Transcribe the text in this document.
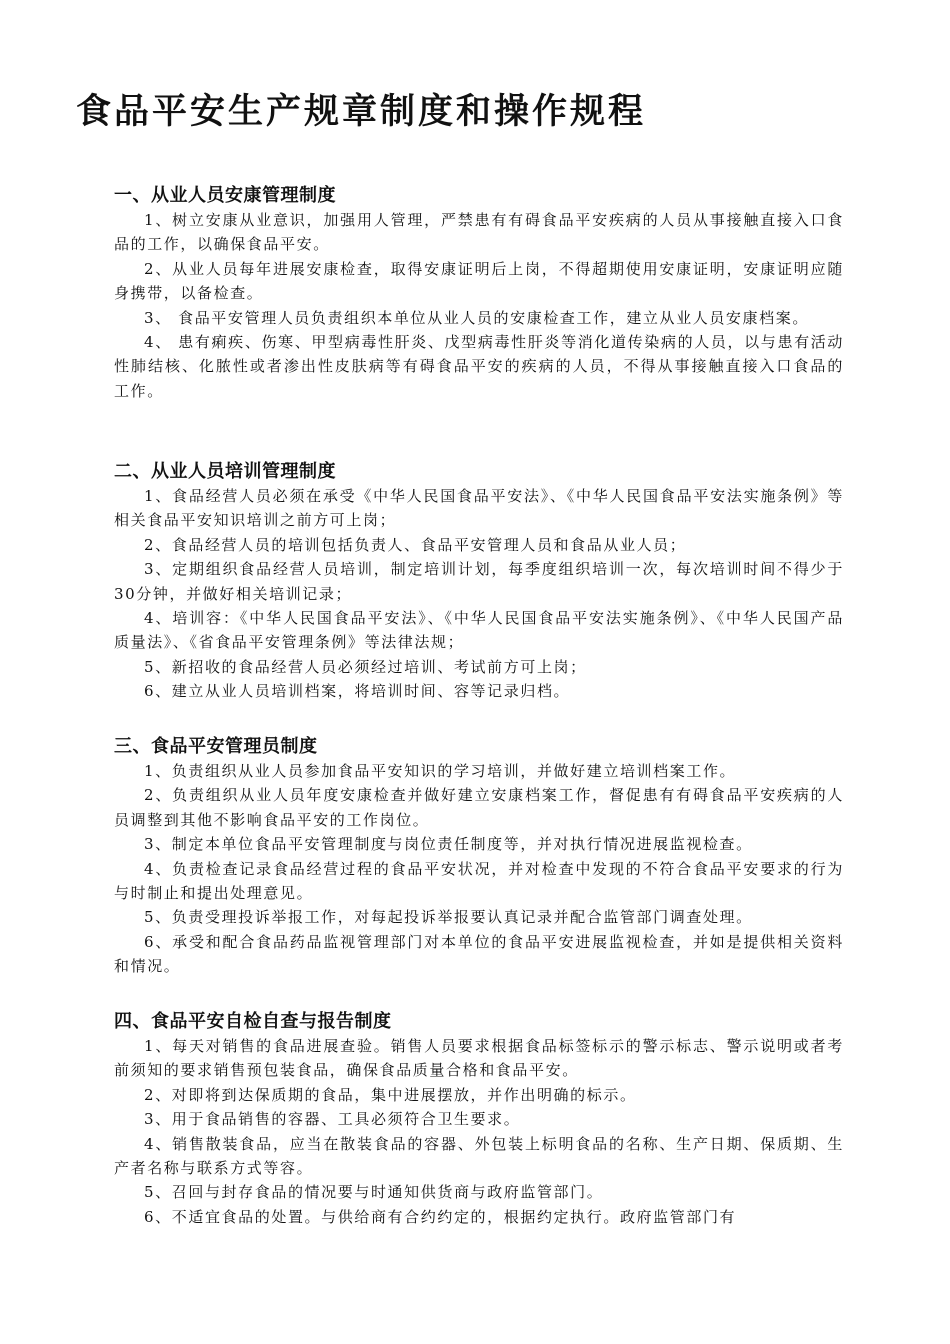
食品平安生产规章制度和操作规程
一、从业人员安康管理制度

1、树立安康从业意识，加强用人管理，严禁患有有碍食品平安疾病的人员从事接触直接入口食品的工作，以确保食品平安。

2、从业人员每年进展安康检查，取得安康证明后上岗，不得超期使用安康证明，安康证明应随身携带，以备检查。

3、 食品平安管理人员负责组织本单位从业人员的安康检查工作，建立从业人员安康档案。

4、 患有痢疾、伤寒、甲型病毒性肝炎、戊型病毒性肝炎等消化道传染病的人员，以与患有活动性肺结核、化脓性或者渗出性皮肤病等有碍食品平安的疾病的人员，不得从事接触直接入口食品的工作。

二、从业人员培训管理制度

1、食品经营人员必须在承受《中华人民国食品平安法》、《中华人民国食品平安法实施条例》等相关食品平安知识培训之前方可上岗；

2、食品经营人员的培训包括负责人、食品平安管理人员和食品从业人员；

3、定期组织食品经营人员培训，制定培训计划，每季度组织培训一次，每次培训时间不得少于30分钟，并做好相关培训记录；

4、培训容：《中华人民国食品平安法》、《中华人民国食品平安法实施条例》、《中华人民国产品质量法》、《省食品平安管理条例》等法律法规；

5、新招收的食品经营人员必须经过培训、考试前方可上岗；

6、建立从业人员培训档案，将培训时间、容等记录归档。

三、食品平安管理员制度

1、负责组织从业人员参加食品平安知识的学习培训，并做好建立培训档案工作。

2、负责组织从业人员年度安康检查并做好建立安康档案工作，督促患有有碍食品平安疾病的人员调整到其他不影响食品平安的工作岗位。

3、制定本单位食品平安管理制度与岗位责任制度等，并对执行情况进展监视检查。

4、负责检查记录食品经营过程的食品平安状况，并对检查中发现的不符合食品平安要求的行为与时制止和提出处理意见。

5、负责受理投诉举报工作，对每起投诉举报要认真记录并配合监管部门调查处理。

6、承受和配合食品药品监视管理部门对本单位的食品平安进展监视检查，并如是提供相关资料和情况。

四、食品平安自检自查与报告制度

1、每天对销售的食品进展查验。销售人员要求根据食品标签标示的警示标志、警示说明或者考前须知的要求销售预包装食品，确保食品质量合格和食品平安。

2、对即将到达保质期的食品，集中进展摆放，并作出明确的标示。

3、用于食品销售的容器、工具必须符合卫生要求。

4、销售散装食品，应当在散装食品的容器、外包装上标明食品的名称、生产日期、保质期、生产者名称与联系方式等容。

5、召回与封存食品的情况要与时通知供货商与政府监管部门。

6、不适宜食品的处置。与供给商有合约约定的，根据约定执行。政府监管部门有
